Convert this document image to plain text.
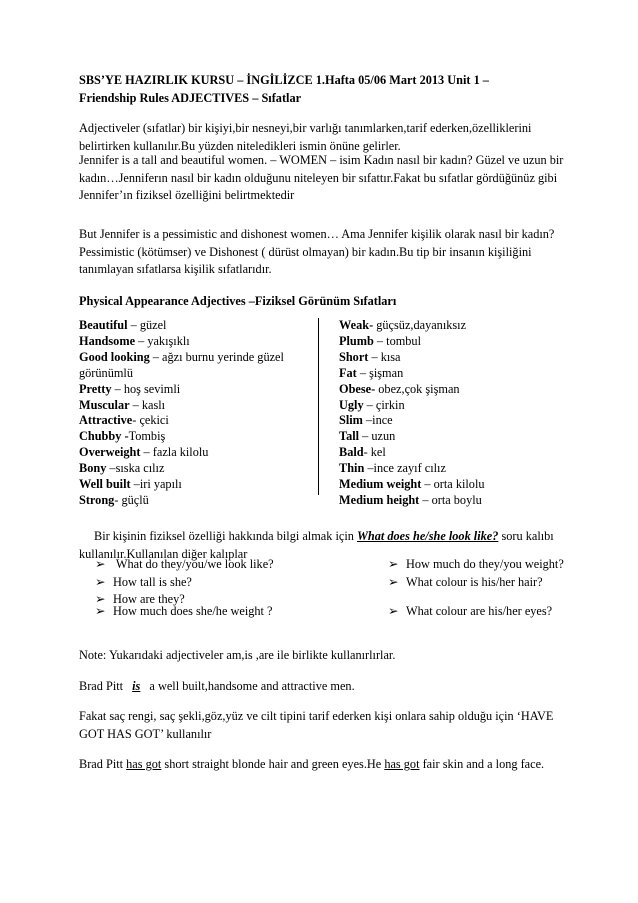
SBS’YE HAZIRLIK KURSU – İNGİLİZCE 1.Hafta 05/06 Mart 2013 Unit 1 –
Friendship Rules ADJECTIVES – Sıfatlar

Adjectiveler (sıfatlar) bir kişiyi,bir nesneyi,bir varlığı tanımlarken,tarif ederken,özelliklerini belirtirken kullanılır.Bu yüzden niteledikleri ismin önüne gelirler.

Jennifer is a tall and beautiful women. – WOMEN – isim Kadın nasıl bir kadın? Güzel ve uzun bir kadın…Jenniferın nasıl bir kadın olduğunu niteleyen bir sıfattır.Fakat bu sıfatlar gördüğünüz gibi Jennifer’ın fiziksel özelliğini belirtmektedir

But Jennifer is a pessimistic and dishonest women… Ama Jennifer kişilik olarak nasıl bir kadın? Pessimistic (kötümser) ve Dishonest ( dürüst olmayan) bir kadın.Bu tip bir insanın kişiliğini tanımlayan sıfatlarsa kişilik sıfatlarıdır.

Physical Appearance Adjectives –Fiziksel Görünüm Sıfatları

Beautiful – güzel
Handsome – yakışıklı
Good looking – ağzı burnu yerinde güzel görünümlü
Pretty – hoş sevimli
Muscular – kaslı
Attractive- çekici
Chubby -Tombiş
Overweight – fazla kilolu
Bony –sıska cılız
Well built –iri yapılı
Strong- güçlü
Weak- güçsüz,dayanıksız
Plumb – tombul
Short – kısa
Fat – şişman
Obese- obez,çok şişman
Ugly – çirkin
Slim –ince
Tall – uzun
Bald- kel
Thin –ince zayıf cılız
Medium weight – orta kilolu
Medium height – orta boylu
Bir kişinin fiziksel özelliği hakkında bilgi almak için What does he/she look like? soru kalıbı kullanılır.Kullanılan diğer kalıplar
➢ What do they/you/we look like?
➢ How tall is she?
➢ How are they?
➢ How much does she/he weight ?
➢ How much do they/you weight?
➢ What colour is his/her hair?
➢ What colour are his/her eyes?

Note: Yukarıdaki adjectiveler am,is ,are ile birlikte kullanırlırlar.

Brad Pitt is a well built,handsome and attractive men.

Fakat saç rengi, saç şekli,göz,yüz ve cilt tipini tarif ederken kişi onlara sahip olduğu için ‘HAVE GOT HAS GOT’ kullanılır

Brad Pitt has got short straight blonde hair and green eyes.He has got fair skin and a long face.
